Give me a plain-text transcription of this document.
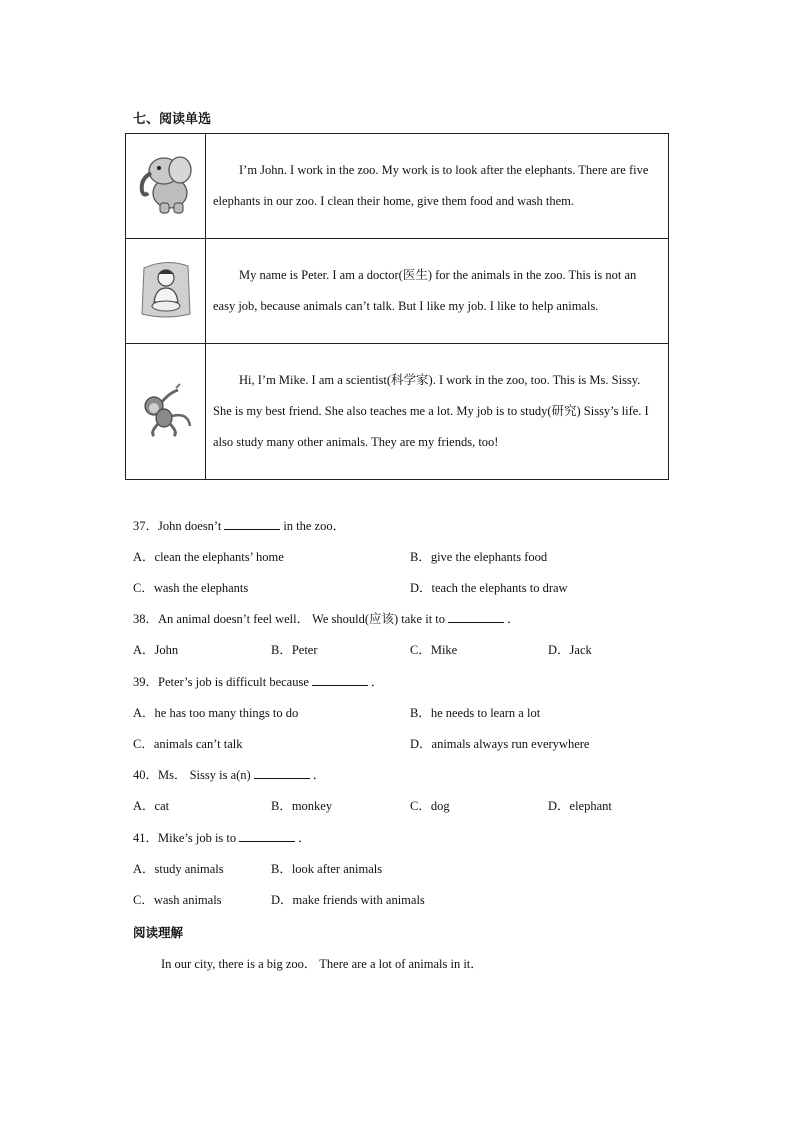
七、阅读单选
	I’m John. I work in the zoo. My work is to look after the elephants. There are five elephants in our zoo. I clean their home, give them food and wash them.
	My name is Peter. I am a doctor(医生) for the animals in the zoo. This is not an easy job, because animals can’t talk. But I like my job. I like to help animals.
	Hi, I’m Mike. I am a scientist(科学家). I work in the zoo, too. This is Ms. Sissy. She is my best friend. She also teaches me a lot. My job is to study(研究) Sissy’s life. I also study many other animals. They are my friends, too!
37．John doesn’t	in the zoo．
A．clean the elephants’ home	B．give the elephants food
C．wash the elephants	D．teach the elephants to draw
38．An animal doesn’t feel well． We should(应该) take it to	．
A．John	B．Peter	C．Mike	D．Jack
39．Peter’s job is difficult because	．
A．he has too many things to do	B．he needs to learn a lot
C．animals can’t talk	D．animals always run everywhere
40．Ms． Sissy is a(n)	．
A．cat	B．monkey	C．dog	D．elephant
41．Mike’s job is to	．
A．study animals	B．look after animals
C．wash animals	D．make friends with animals
阅读理解
In our city, there is a big zoo． There are a lot of animals in it．
